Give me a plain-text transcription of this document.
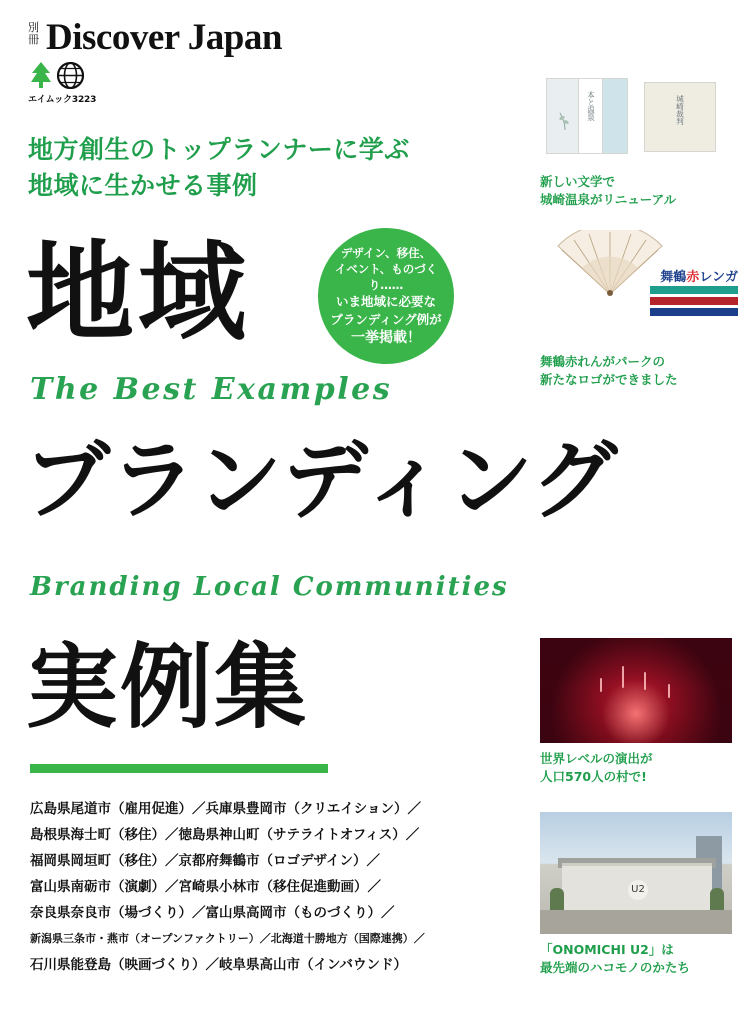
別冊 Discover Japan
エイムック3223
地方創生のトップランナーに学ぶ
地域に生かせる事例
地域
The Best Examples
ブランディング
Branding Local Communities
実例集
デザイン、移住、
イベント、ものづくり……
いま地域に必要な
ブランディング例が
一挙掲載！
広島県尾道市（雇用促進）／兵庫県豊岡市（クリエイション）／
島根県海士町（移住）／徳島県神山町（サテライトオフィス）／
福岡県岡垣町（移住）／京都府舞鶴市（ロゴデザイン）／
富山県南砺市（演劇）／宮崎県小林市（移住促進動画）／
奈良県奈良市（場づくり）／富山県高岡市（ものづくり）／
新潟県三条市・燕市（オープンファクトリー）／北海道十勝地方（国際連携）／
石川県能登島（映画づくり）／岐阜県高山市（インバウンド）
本と温泉	城崎裁判
新しい文学で
城崎温泉がリニューアル
舞鶴赤レンガ
舞鶴赤れんがパークの
新たなロゴができました
世界レベルの演出が
人口570人の村で!
U2
「ONOMICHI U2」は
最先端のハコモノのかたち
